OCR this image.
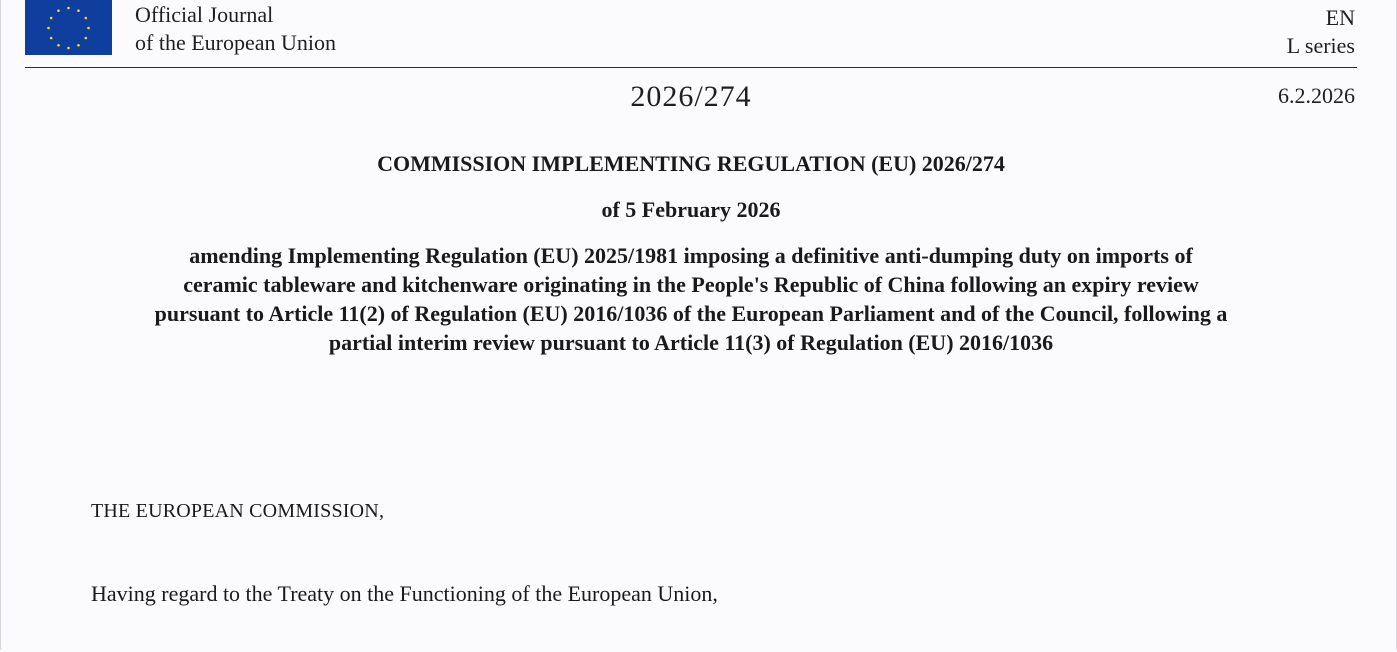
Official Journal
of the European Union
EN
L series
2026/274	6.2.2026
COMMISSION IMPLEMENTING REGULATION (EU) 2026/274
of 5 February 2026
amending Implementing Regulation (EU) 2025/1981 imposing a definitive anti-dumping duty on imports of ceramic tableware and kitchenware originating in the People's Republic of China following an expiry review pursuant to Article 11(2) of Regulation (EU) 2016/1036 of the European Parliament and of the Council, following a partial interim review pursuant to Article 11(3) of Regulation (EU) 2016/1036
THE EUROPEAN COMMISSION,
Having regard to the Treaty on the Functioning of the European Union,
